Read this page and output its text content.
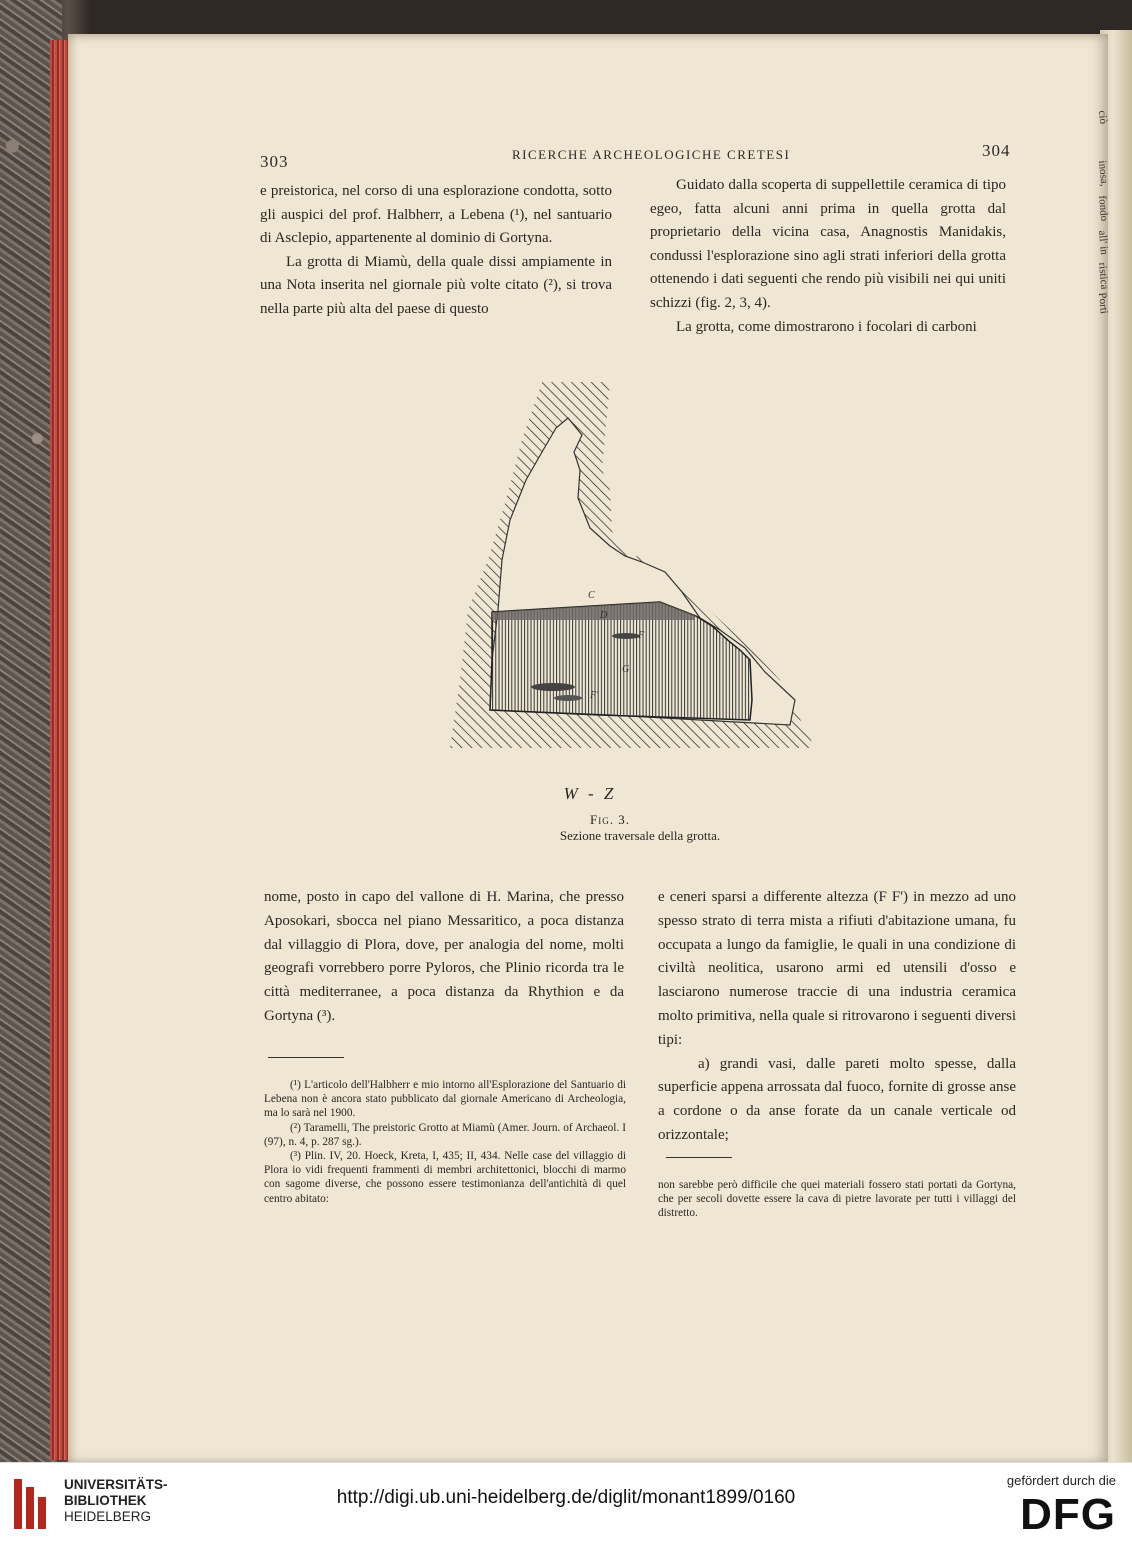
ciò
inosa,
fondo
all' in
ristica
Porti
303	RICERCHE ARCHEOLOGICHE CRETESI	304

e preistorica, nel corso di una esplorazione condotta, sotto gli auspici del prof. Halbherr, a Lebena (¹), nel santuario di Asclepio, appartenente al dominio di Gortyna.

La grotta di Miamù, della quale dissi ampiamente in una Nota inserita nel giornale più volte citato (²), si trova nella parte più alta del paese di questo

Guidato dalla scoperta di suppellettile ceramica di tipo egeo, fatta alcuni anni prima in quella grotta dal proprietario della vicina casa, Anagnostis Manidakis, condussi l'esplorazione sino agli strati inferiori della grotta ottenendo i dati seguenti che rendo più visibili nei qui uniti schizzi (fig. 2, 3, 4).

La grotta, come dimostrarono i focolari di carboni

C
D
F
G
F'
W - Z
Fig. 3.
Sezione traversale della grotta.

nome, posto in capo del vallone di H. Marina, che presso Aposokari, sbocca nel piano Messaritico, a poca distanza dal villaggio di Plora, dove, per analogia del nome, molti geografi vorrebbero porre Pyloros, che Plinio ricorda tra le città mediterranee, a poca distanza da Rhythion e da Gortyna (³).

e ceneri sparsi a differente altezza (F F') in mezzo ad uno spesso strato di terra mista a rifiuti d'abitazione umana, fu occupata a lungo da famiglie, le quali in una condizione di civiltà neolitica, usarono armi ed utensili d'osso e lasciarono numerose traccie di una industria ceramica molto primitiva, nella quale si ritrovarono i seguenti diversi tipi:

a) grandi vasi, dalle pareti molto spesse, dalla superficie appena arrossata dal fuoco, fornite di grosse anse a cordone o da anse forate da un canale verticale od orizzontale;

(¹) L'articolo dell'Halbherr e mio intorno all'Esplorazione del Santuario di Lebena non è ancora stato pubblicato dal giornale Americano di Archeologia, ma lo sarà nel 1900.

(²) Taramelli, The preistoric Grotto at Miamù (Amer. Journ. of Archaeol. I (97), n. 4, p. 287 sg.).

(³) Plin. IV, 20. Hoeck, Kreta, I, 435; II, 434. Nelle case del villaggio di Plora io vidi frequenti frammenti di membri architettonici, blocchi di marmo con sagome diverse, che possono essere testimonianza dell'antichità di quel centro abitato:

non sarebbe però difficile che quei materiali fossero stati portati da Gortyna, che per secoli dovette essere la cava di pietre lavorate per tutti i villaggi del distretto.

UNIVERSITÄTS-
BIBLIOTHEK
HEIDELBERG
http://digi.ub.uni-heidelberg.de/diglit/monant1899/0160
gefördert durch die
DFG
